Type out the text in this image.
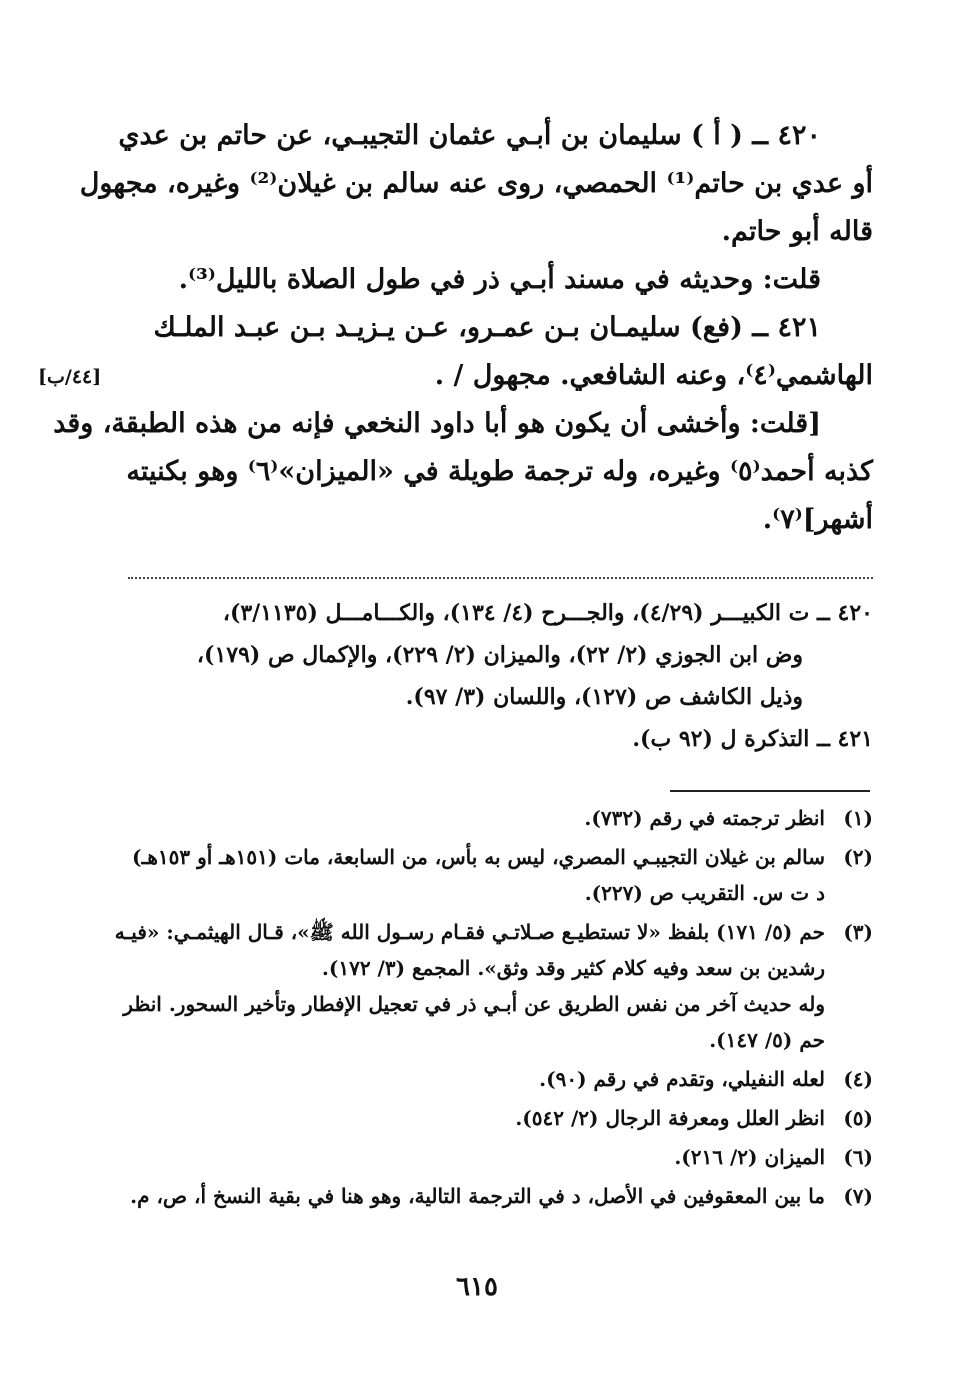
٤٢٠ ــ ( أ ) سليمان بن أبـي عثمان التجيبـي، عن حاتم بن عدي
أو عدي بن حاتم⁽¹⁾ الحمصي، روى عنه سالم بن غيلان⁽²⁾ وغيره، مجهول
قاله أبو حاتم.
قلت: وحديثه في مسند أبـي ذر في طول الصلاة بالليل⁽³⁾.
٤٢١ ــ (فع) سليمـان بـن عمـرو، عـن يـزيـد بـن عبـد الملـك
الهاشمي⁽٤⁾، وعنه الشافعي. مجهول / .
[قلت: وأخشى أن يكون هو أبا داود النخعي فإنه من هذه الطبقة، وقد
كذبه أحمد⁽٥⁾ وغيره، وله ترجمة طويلة في «الميزان»⁽٦⁾ وهو بكنيته
أشهر]⁽٧⁾.
[٤٤/ب]
٤٢٠ ــ ت الكبيـــر (٤/٢٩)، والجـــرح (٤/ ١٣٤)، والكـــامـــل (٣/١١٣٥)،
وض ابن الجوزي (٢/ ٢٢)، والميزان (٢/ ٢٢٩)، والإكمال ص (١٧٩)،
وذيل الكاشف ص (١٢٧)، واللسان (٣/ ٩٧).
٤٢١ ــ التذكرة ل (٩٢ ب).
(١)
انظر ترجمته في رقم (٧٣٢).
(٢)
سالم بن غيلان التجيبـي المصري، ليس به بأس، من السابعة، مات (١٥١هـ أو ١٥٣هـ)
د ت س. التقريب ص (٢٢٧).
(٣)
حم (٥/ ١٧١) بلفظ «لا تستطيـع صـلاتـي فقـام رسـول الله ﷺ»، قـال الهيثمـي: «فيـه
رشدين بن سعد وفيه كلام كثير وقد وثق». المجمع (٣/ ١٧٢).
وله حديث آخر من نفس الطريق عن أبـي ذر في تعجيل الإفطار وتأخير السحور. انظر
حم (٥/ ١٤٧).
(٤)
لعله النفيلي، وتقدم في رقم (٩٠).
(٥)
انظر العلل ومعرفة الرجال (٢/ ٥٤٢).
(٦)
الميزان (٢/ ٢١٦).
(٧)
ما بين المعقوفين في الأصل، د في الترجمة التالية، وهو هنا في بقية النسخ أ، ص، م.
٦١٥
